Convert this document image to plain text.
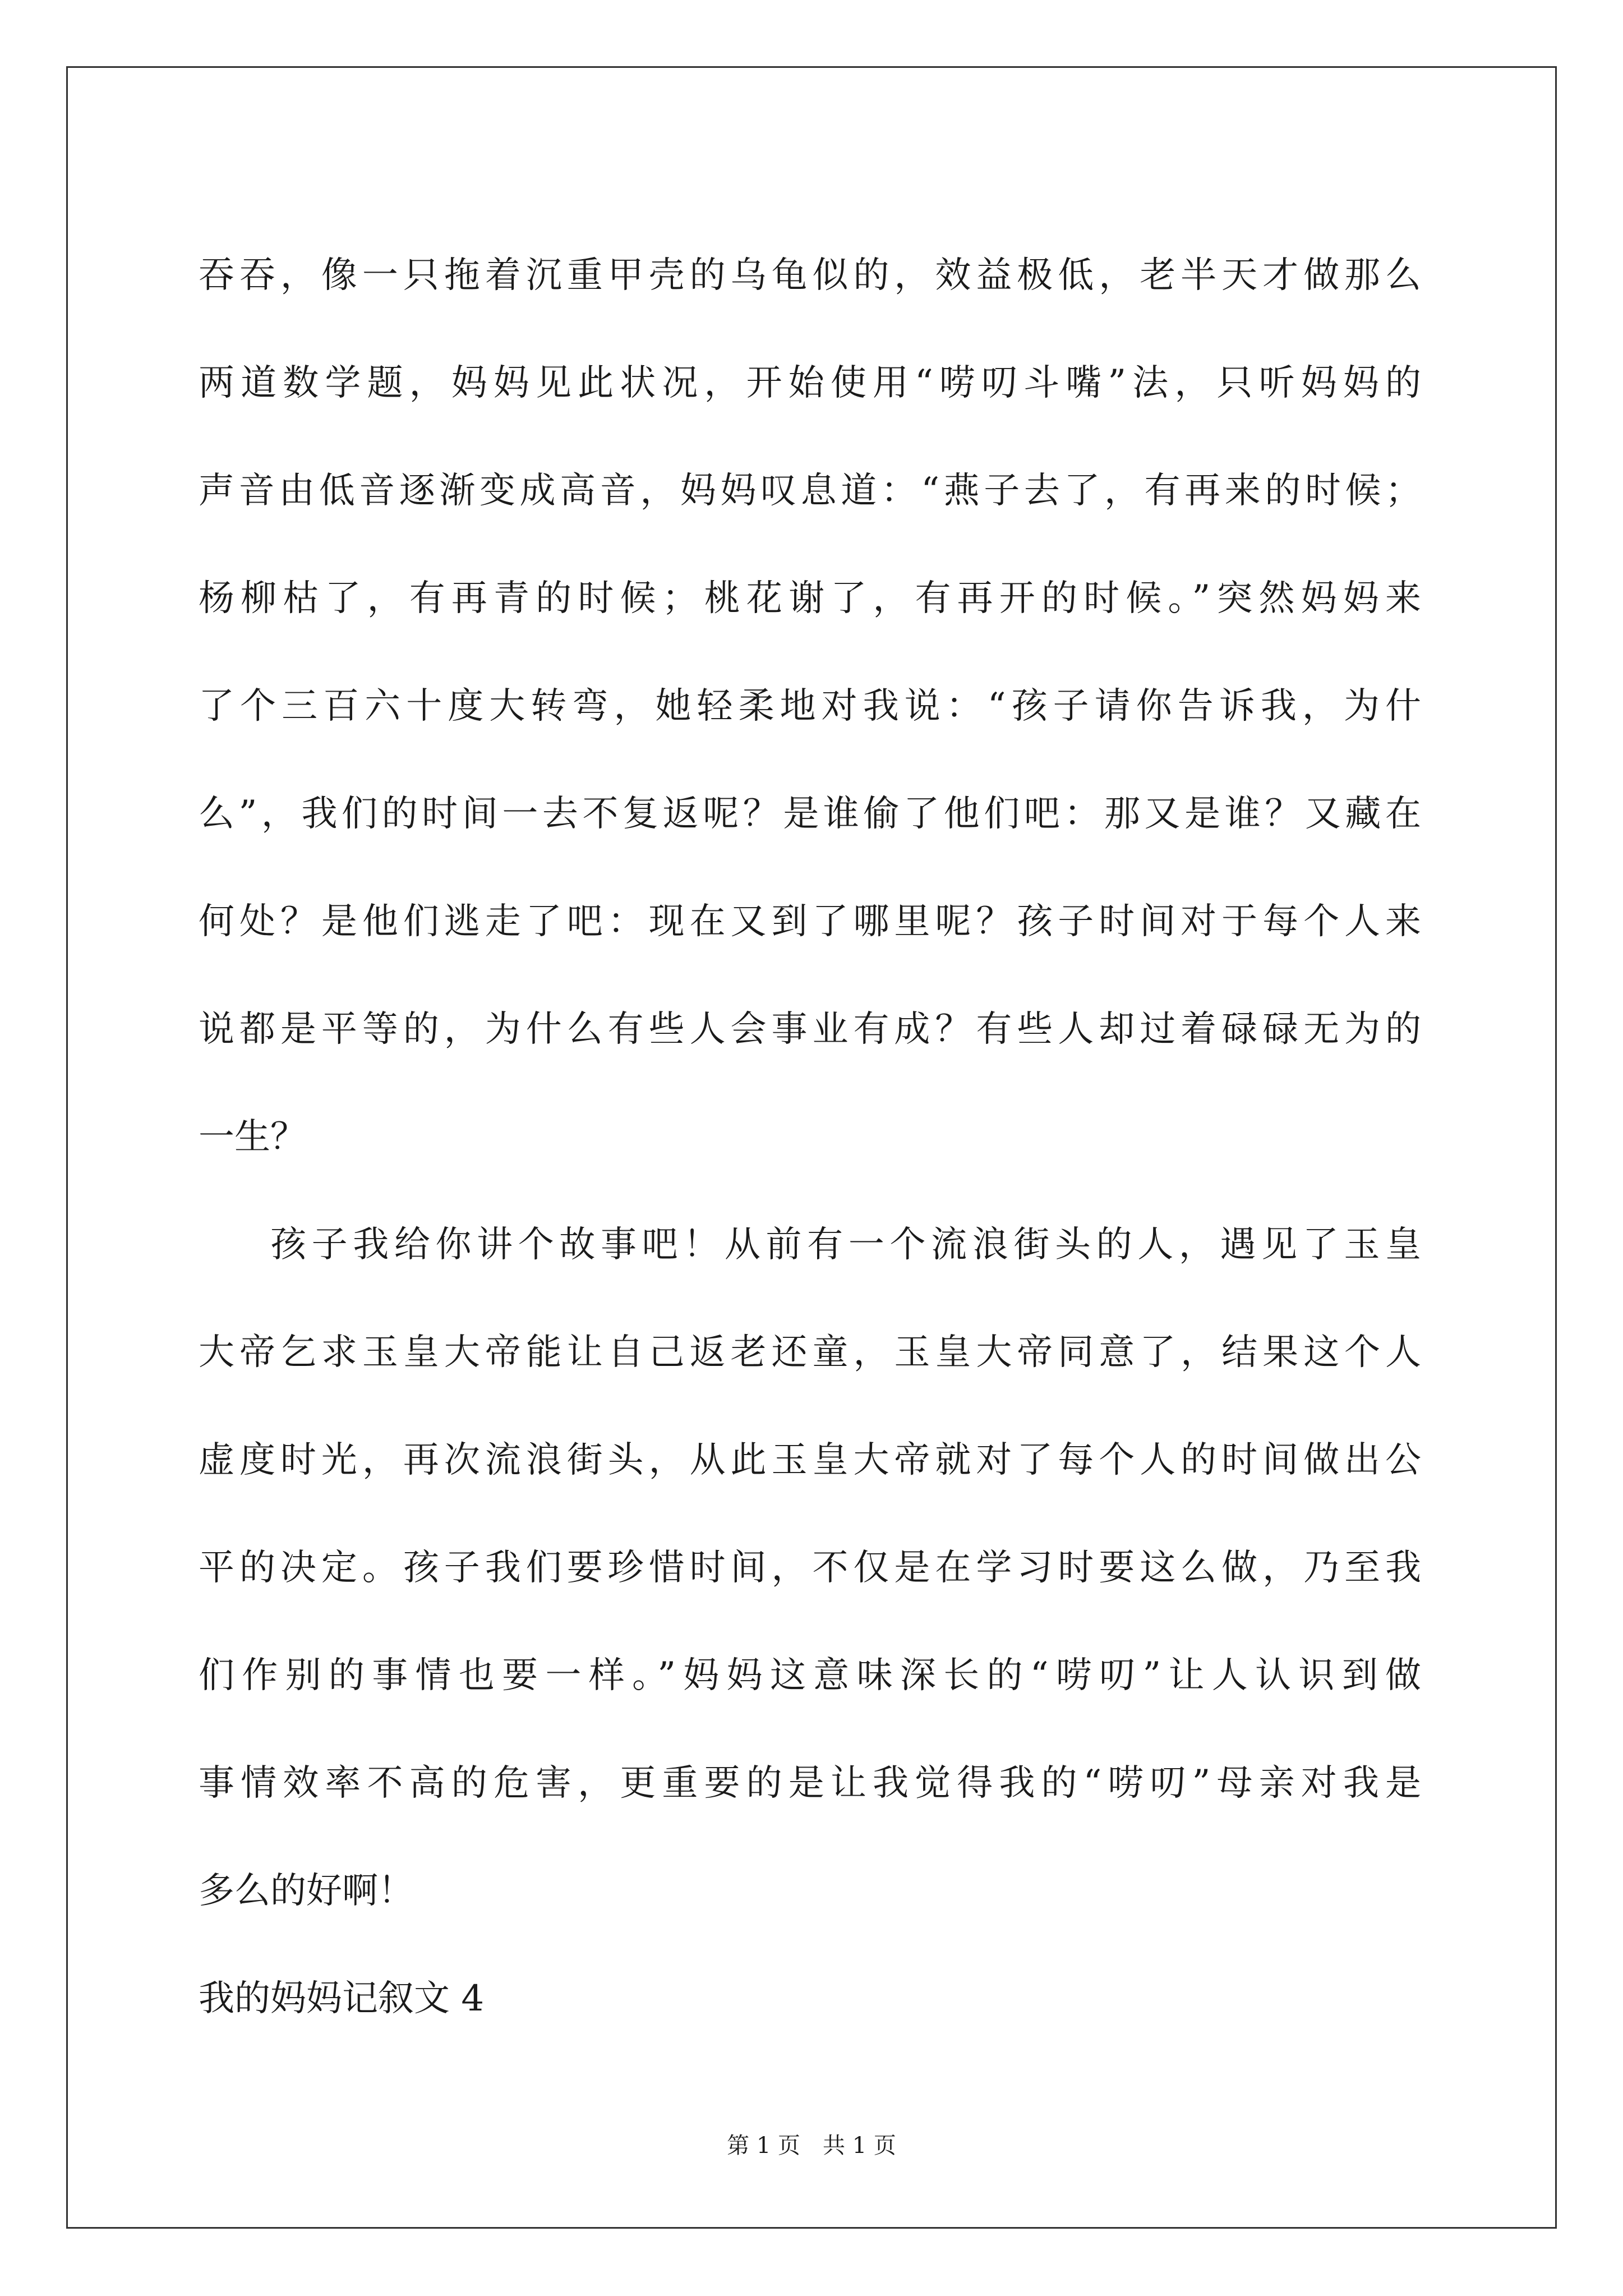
吞吞，像一只拖着沉重甲壳的乌龟似的，效益极低，老半天才做那么
两道数学题，妈妈见此状况，开始使用“唠叨斗嘴”法，只听妈妈的
声音由低音逐渐变成高音，妈妈叹息道：“燕子去了，有再来的时候；
杨柳枯了，有再青的时候；桃花谢了，有再开的时候。”突然妈妈来
了个三百六十度大转弯，她轻柔地对我说：“孩子请你告诉我，为什
么”，我们的时间一去不复返呢？是谁偷了他们吧：那又是谁？又藏在
何处？是他们逃走了吧：现在又到了哪里呢？孩子时间对于每个人来
说都是平等的，为什么有些人会事业有成？有些人却过着碌碌无为的
一生？
孩子我给你讲个故事吧！从前有一个流浪街头的人，遇见了玉皇
大帝乞求玉皇大帝能让自己返老还童，玉皇大帝同意了，结果这个人
虚度时光，再次流浪街头，从此玉皇大帝就对了每个人的时间做出公
平的决定。孩子我们要珍惜时间，不仅是在学习时要这么做，乃至我
们作别的事情也要一样。”妈妈这意味深长的“唠叨”让人认识到做
事情效率不高的危害，更重要的是让我觉得我的“唠叨”母亲对我是
多么的好啊！
我的妈妈记叙文 4
第 1 页 共 1 页
